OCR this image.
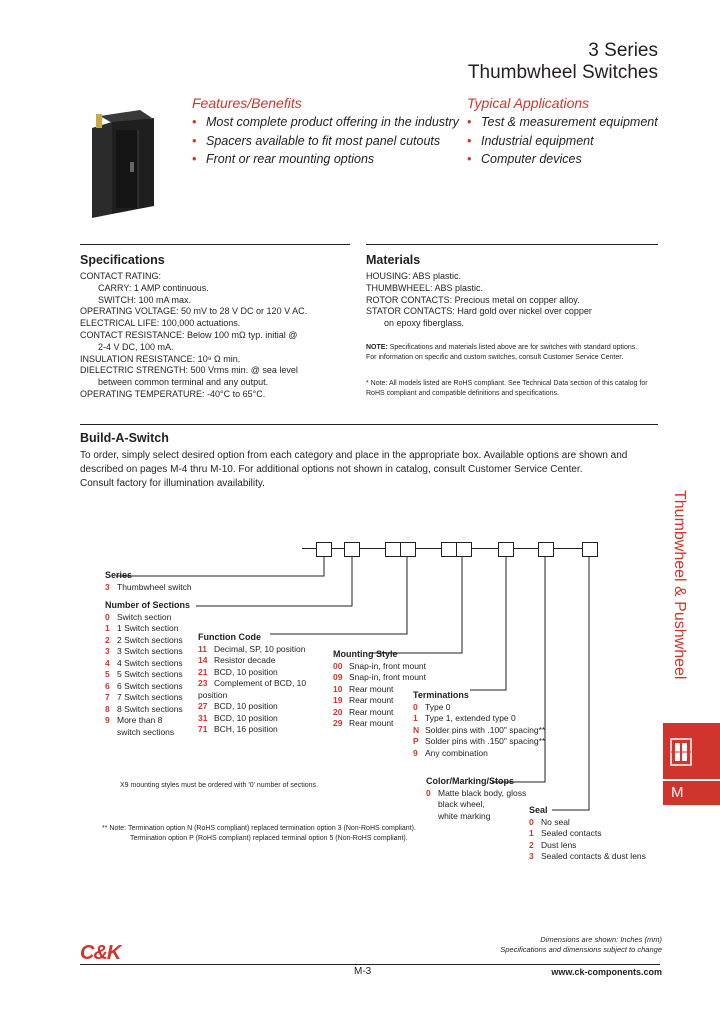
3 Series
Thumbwheel Switches
Features/Benefits
• Most complete product offering in the industry
• Spacers available to fit most panel cutouts
• Front or rear mounting options
Typical Applications
• Test & measurement equipment
• Industrial equipment
• Computer devices
Specifications
CONTACT RATING:
CARRY: 1 AMP continuous.
SWITCH: 100 mA max.
OPERATING VOLTAGE: 50 mV to 28 V DC or 120 V AC.
ELECTRICAL LIFE: 100,000 actuations.
CONTACT RESISTANCE: Below 100 mΩ typ. initial @
2-4 V DC, 100 mA.
INSULATION RESISTANCE: 10⁹ Ω min.
DIELECTRIC STRENGTH: 500 Vrms min. @ sea level
between common terminal and any output.
OPERATING TEMPERATURE: -40°C to 65°C.
Materials
HOUSING: ABS plastic.
THUMBWHEEL: ABS plastic.
ROTOR CONTACTS: Precious metal on copper alloy.
STATOR CONTACTS: Hard gold over nickel over copper
on epoxy fiberglass.
NOTE: Specifications and materials listed above are for switches with standard options.
For information on specific and custom switches, consult Customer Service Center.
* Note: All models listed are RoHS compliant. See Technical Data section of this catalog for
RoHS compliant and compatible definitions and specifications.
Build-A-Switch
To order, simply select desired option from each category and place in the appropriate box. Available options are shown and
described on pages M-4 thru M-10. For additional options not shown in catalog, consult Customer Service Center.
Consult factory for illumination availability.
Series
3 Thumbwheel switch
Number of Sections
0 Switch section
1 1 Switch section
2 2 Switch sections
3 3 Switch sections
4 4 Switch sections
5 5 Switch sections
6 6 Switch sections
7 7 Switch sections
8 8 Switch sections
9 More than 8
switch sections
Function Code
11 Decimal, SP, 10 position
14 Resistor decade
21 BCD, 10 position
23 Complement of BCD, 10 position
27 BCD, 10 position
31 BCD, 10 position
71 BCH, 16 position
Mounting Style
00 Snap-in, front mount
09 Snap-in, front mount
10 Rear mount
19 Rear mount
20 Rear mount
29 Rear mount
Terminations
0 Type 0
1 Type 1, extended type 0
N Solder pins with .100" spacing**
P Solder pins with .150" spacing**
9 Any combination
Color/Marking/Stops
0 Matte black body, gloss
black wheel,
white marking
Seal
0 No seal
1 Sealed contacts
2 Dust lens
3 Sealed contacts & dust lens
X9 mounting styles must be ordered with '0' number of sections.
** Note: Termination option N (RoHS compliant) replaced termination option 3 (Non-RoHS compliant).
Termination option P (RoHS compliant) replaced terminal option 5 (Non-RoHS compliant).
Thumbwheel & Pushwheel
M
C&K
Dimensions are shown: Inches (mm)
Specifications and dimensions subject to change
M-3	www.ck-components.com
